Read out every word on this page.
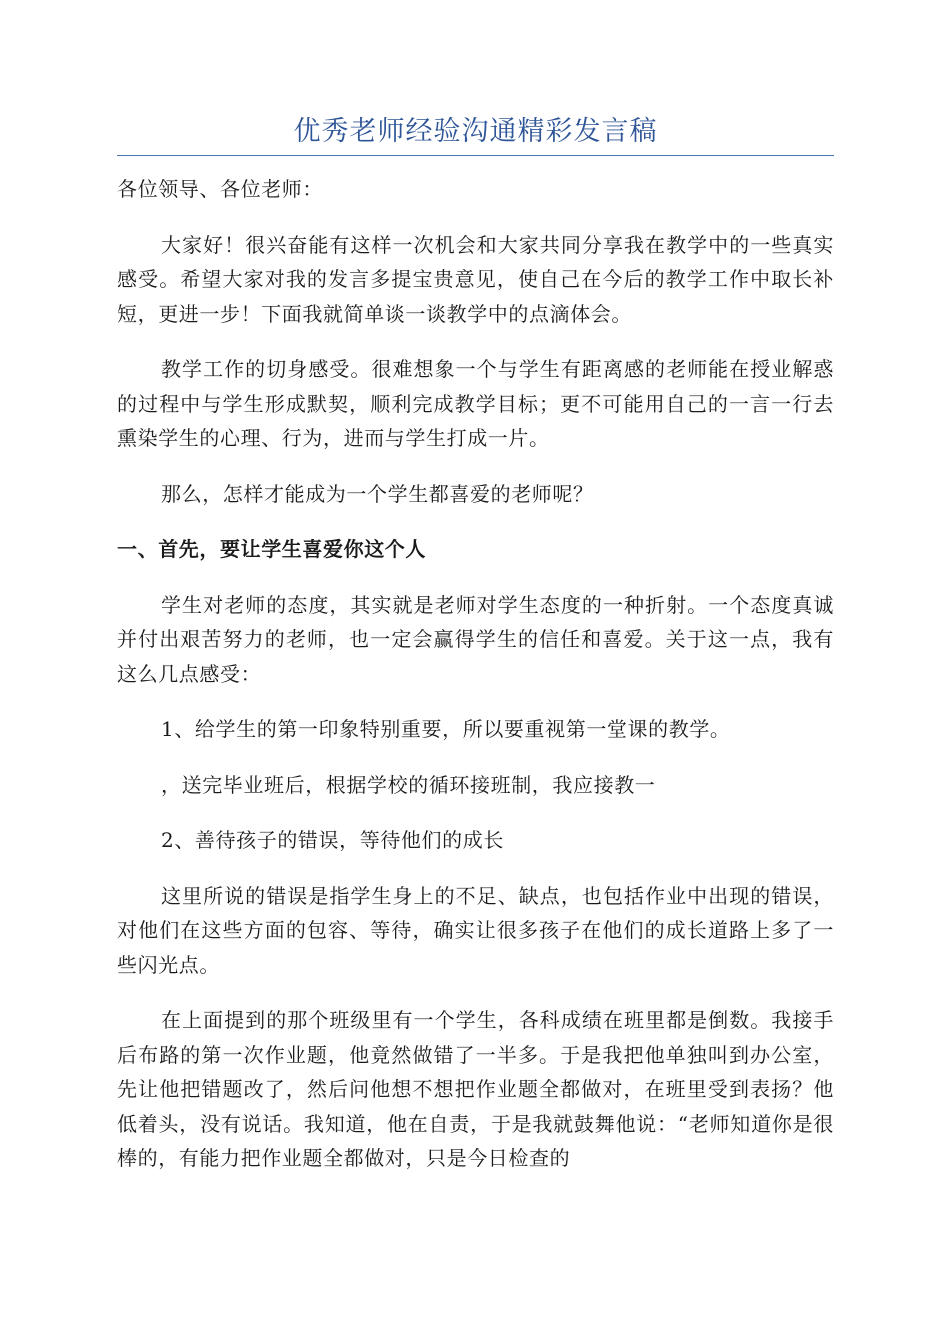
优秀老师经验沟通精彩发言稿

各位领导、各位老师：

大家好！很兴奋能有这样一次机会和大家共同分享我在教学中的一些真实感受。希望大家对我的发言多提宝贵意见，使自己在今后的教学工作中取长补短，更进一步！下面我就简单谈一谈教学中的点滴体会。

教学工作的切身感受。很难想象一个与学生有距离感的老师能在授业解惑的过程中与学生形成默契，顺利完成教学目标；更不可能用自己的一言一行去熏染学生的心理、行为，进而与学生打成一片。

那么，怎样才能成为一个学生都喜爱的老师呢？

一、首先，要让学生喜爱你这个人

学生对老师的态度，其实就是老师对学生态度的一种折射。一个态度真诚并付出艰苦努力的老师，也一定会赢得学生的信任和喜爱。关于这一点，我有这么几点感受：

1、给学生的第一印象特别重要，所以要重视第一堂课的教学。

，送完毕业班后，根据学校的循环接班制，我应接教一

2、善待孩子的错误，等待他们的成长

这里所说的错误是指学生身上的不足、缺点，也包括作业中出现的错误，对他们在这些方面的包容、等待，确实让很多孩子在他们的成长道路上多了一些闪光点。

在上面提到的那个班级里有一个学生，各科成绩在班里都是倒数。我接手后布路的第一次作业题，他竟然做错了一半多。于是我把他单独叫到办公室，先让他把错题改了，然后问他想不想把作业题全都做对，在班里受到表扬？他低着头，没有说话。我知道，他在自责，于是我就鼓舞他说：“老师知道你是很棒的，有能力把作业题全都做对，只是今日检查的
